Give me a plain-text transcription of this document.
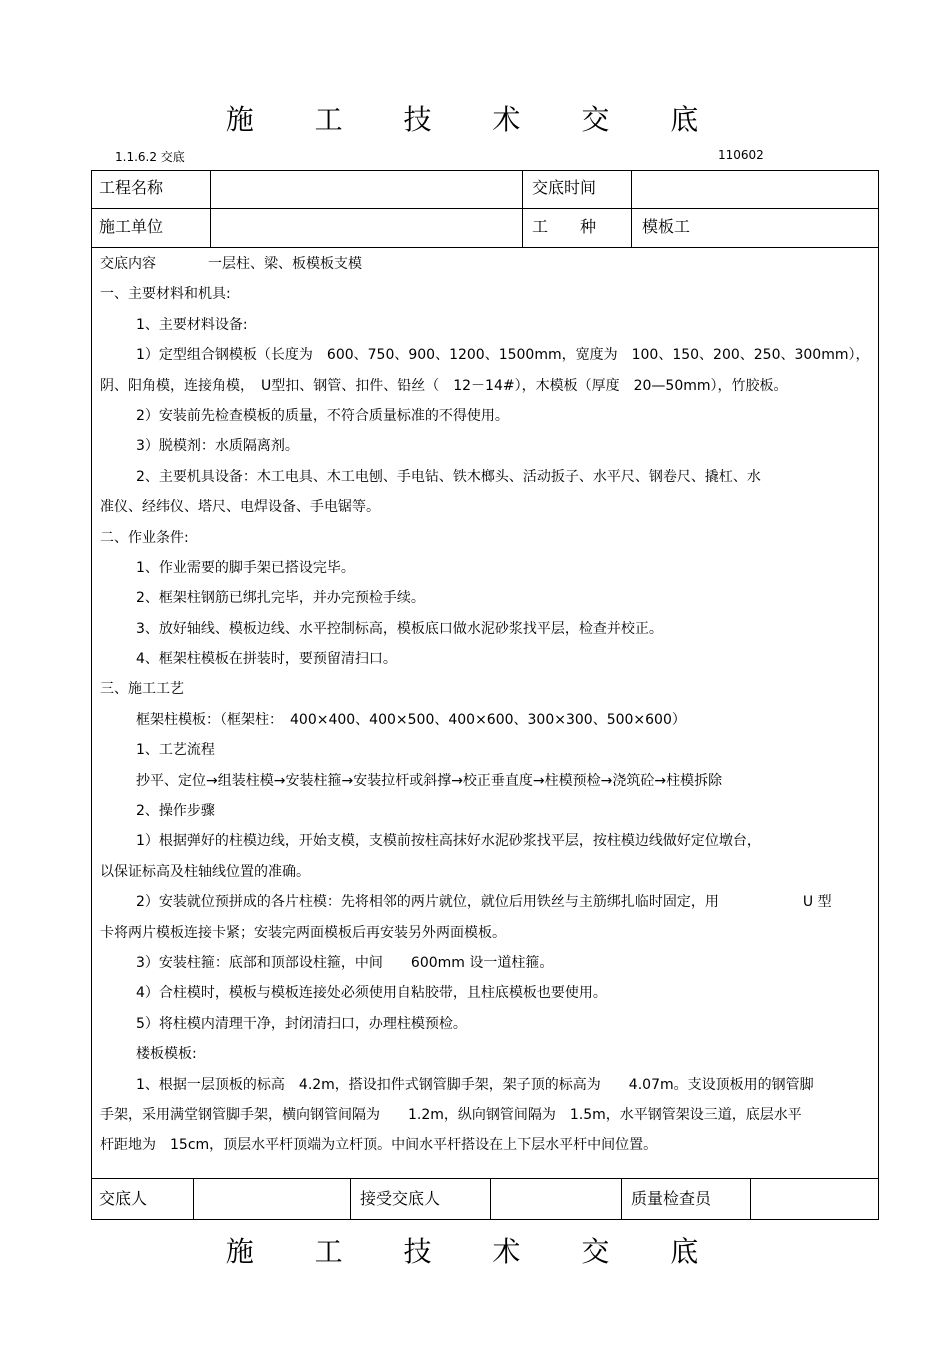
施 工 技 术 交 底
1.1.6.2 交底	110602
工程名称	交底时间
施工单位	工　　种	模板工

交底内容	一层柱、梁、板模板支模

一、主要材料和机具:

1、主要材料设备:

1）定型组合钢模板（长度为　600、750、900、1200、1500mm，宽度为　100、150、200、250、300mm），

阴、阳角模，连接角模，　U型扣、钢管、扣件、铅丝（　12－14#），木模板（厚度　20—50mm），竹胶板。

2）安装前先检查模板的质量，不符合质量标准的不得使用。

3）脱模剂：水质隔离剂。

2、主要机具设备：木工电具、木工电刨、手电钻、铁木榔头、活动扳子、水平尺、钢卷尺、撬杠、水

准仪、经纬仪、塔尺、电焊设备、手电锯等。

二、作业条件:

1、作业需要的脚手架已搭设完毕。

2、框架柱钢筋已绑扎完毕，并办完预检手续。

3、放好轴线、模板边线、水平控制标高，模板底口做水泥砂浆找平层，检查并校正。

4、框架柱模板在拼装时，要预留清扫口。

三、施工工艺

框架柱模板：（框架柱：　400×400、400×500、400×600、300×300、500×600）

1、工艺流程

抄平、定位→组装柱模→安装柱箍→安装拉杆或斜撑→校正垂直度→柱模预检→浇筑砼→柱模拆除

2、操作步骤

1）根据弹好的柱模边线，开始支模，支模前按柱高抹好水泥砂浆找平层，按柱模边线做好定位墩台，

以保证标高及柱轴线位置的准确。

2）安装就位预拼成的各片柱模：先将相邻的两片就位，就位后用铁丝与主筋绑扎临时固定，用　　　　　　U 型

卡将两片模板连接卡紧；安装完两面模板后再安装另外两面模板。

3）安装柱箍：底部和顶部设柱箍，中间　　600mm 设一道柱箍。

4）合柱模时，模板与模板连接处必须使用自粘胶带，且柱底模板也要使用。

5）将柱模内清理干净，封闭清扫口，办理柱模预检。

楼板模板:

1、根据一层顶板的标高　4.2m，搭设扣件式钢管脚手架，架子顶的标高为　　4.07m。支设顶板用的钢管脚

手架，采用满堂钢管脚手架，横向钢管间隔为　　1.2m，纵向钢管间隔为　1.5m，水平钢管架设三道，底层水平

杆距地为　15cm，顶层水平杆顶端为立杆顶。中间水平杆搭设在上下层水平杆中间位置。

交底人	接受交底人	质量检查员
施 工 技 术 交 底
